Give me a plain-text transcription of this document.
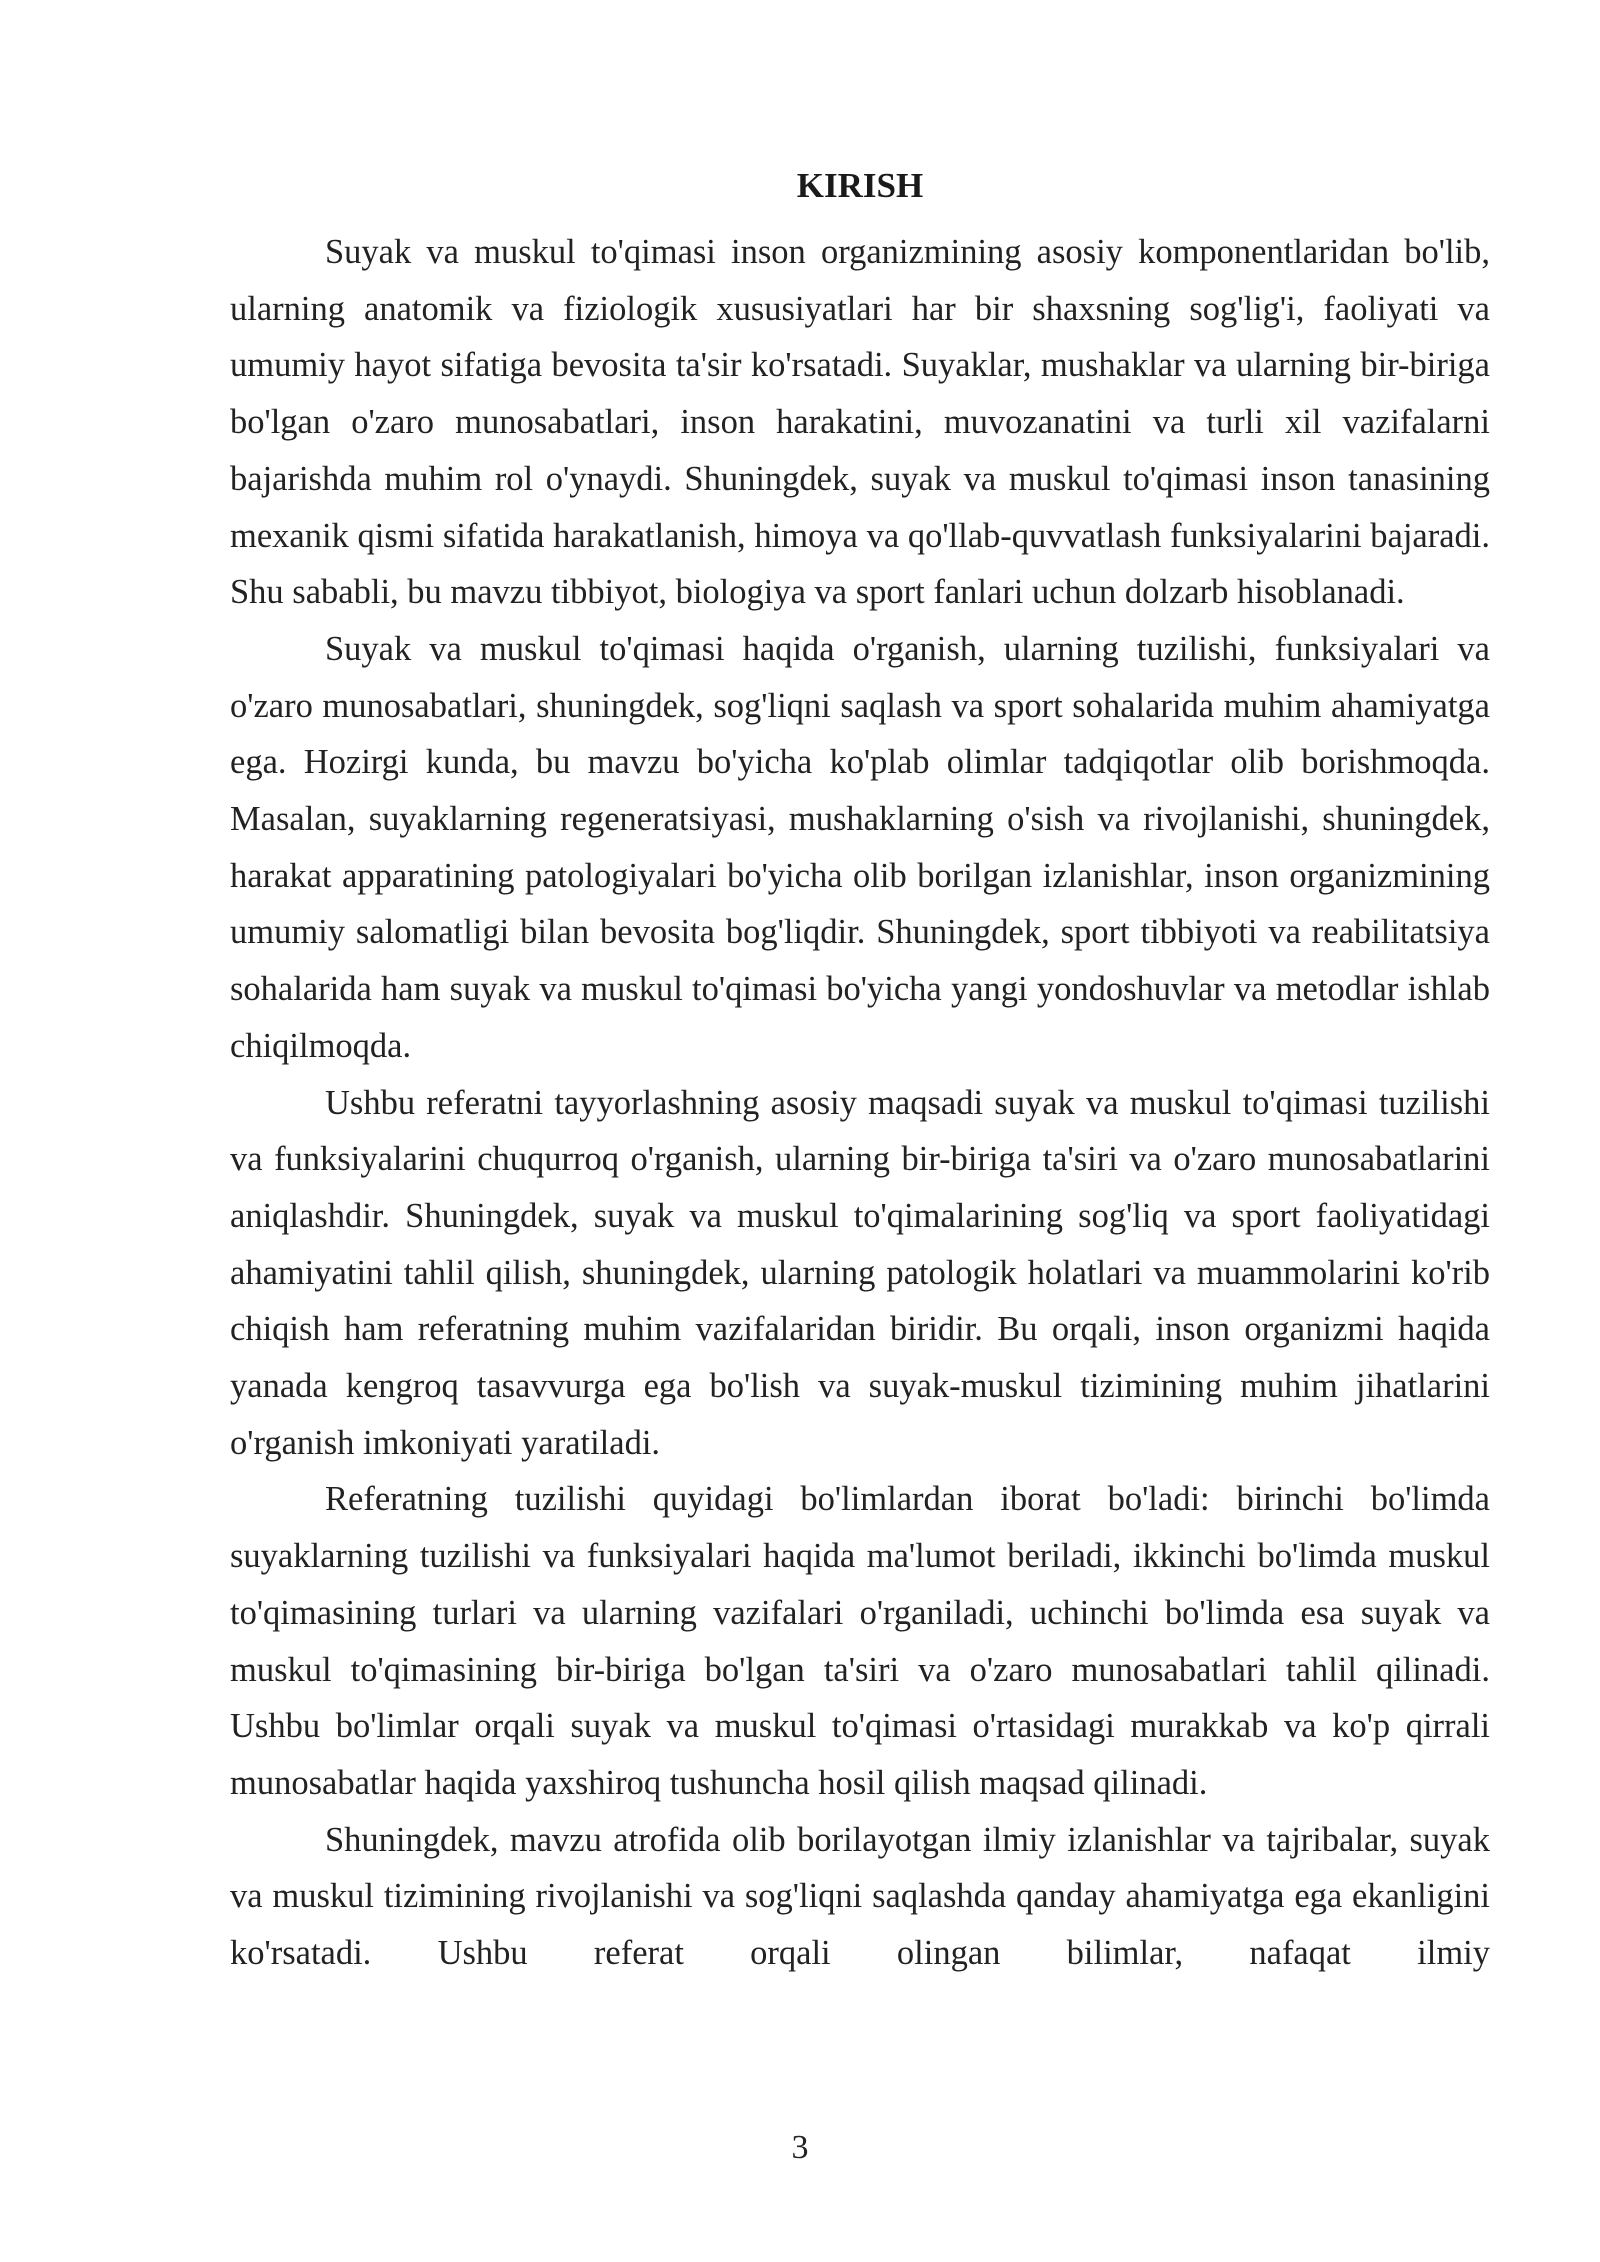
KIRISH

Suyak va muskul to'qimasi inson organizmining asosiy komponentlaridan bo'lib, ularning anatomik va fiziologik xususiyatlari har bir shaxsning sog'lig'i, faoliyati va umumiy hayot sifatiga bevosita ta'sir ko'rsatadi. Suyaklar, mushaklar va ularning bir-biriga bo'lgan o'zaro munosabatlari, inson harakatini, muvozanatini va turli xil vazifalarni bajarishda muhim rol o'ynaydi. Shuningdek, suyak va muskul to'qimasi inson tanasining mexanik qismi sifatida harakatlanish, himoya va qo'llab-quvvatlash funksiyalarini bajaradi. Shu sababli, bu mavzu tibbiyot, biologiya va sport fanlari uchun dolzarb hisoblanadi.

Suyak va muskul to'qimasi haqida o'rganish, ularning tuzilishi, funksiyalari va o'zaro munosabatlari, shuningdek, sog'liqni saqlash va sport sohalarida muhim ahamiyatga ega. Hozirgi kunda, bu mavzu bo'yicha ko'plab olimlar tadqiqotlar olib borishmoqda. Masalan, suyaklarning regeneratsiyasi, mushaklarning o'sish va rivojlanishi, shuningdek, harakat apparatining patologiyalari bo'yicha olib borilgan izlanishlar, inson organizmining umumiy salomatligi bilan bevosita bog'liqdir. Shuningdek, sport tibbiyoti va reabilitatsiya sohalarida ham suyak va muskul to'qimasi bo'yicha yangi yondoshuvlar va metodlar ishlab chiqilmoqda.

Ushbu referatni tayyorlashning asosiy maqsadi suyak va muskul to'qimasi tuzilishi va funksiyalarini chuqurroq o'rganish, ularning bir-biriga ta'siri va o'zaro munosabatlarini aniqlashdir. Shuningdek, suyak va muskul to'qimalarining sog'liq va sport faoliyatidagi ahamiyatini tahlil qilish, shuningdek, ularning patologik holatlari va muammolarini ko'rib chiqish ham referatning muhim vazifalaridan biridir. Bu orqali, inson organizmi haqida yanada kengroq tasavvurga ega bo'lish va suyak-muskul tizimining muhim jihatlarini o'rganish imkoniyati yaratiladi.

Referatning tuzilishi quyidagi bo'limlardan iborat bo'ladi: birinchi bo'limda suyaklarning tuzilishi va funksiyalari haqida ma'lumot beriladi, ikkinchi bo'limda muskul to'qimasining turlari va ularning vazifalari o'rganiladi, uchinchi bo'limda esa suyak va muskul to'qimasining bir-biriga bo'lgan ta'siri va o'zaro munosabatlari tahlil qilinadi. Ushbu bo'limlar orqali suyak va muskul to'qimasi o'rtasidagi murakkab va ko'p qirrali munosabatlar haqida yaxshiroq tushuncha hosil qilish maqsad qilinadi.

Shuningdek, mavzu atrofida olib borilayotgan ilmiy izlanishlar va tajribalar, suyak va muskul tizimining rivojlanishi va sog'liqni saqlashda qanday ahamiyatga ega ekanligini ko'rsatadi. Ushbu referat orqali olingan bilimlar, nafaqat ilmiy

3
